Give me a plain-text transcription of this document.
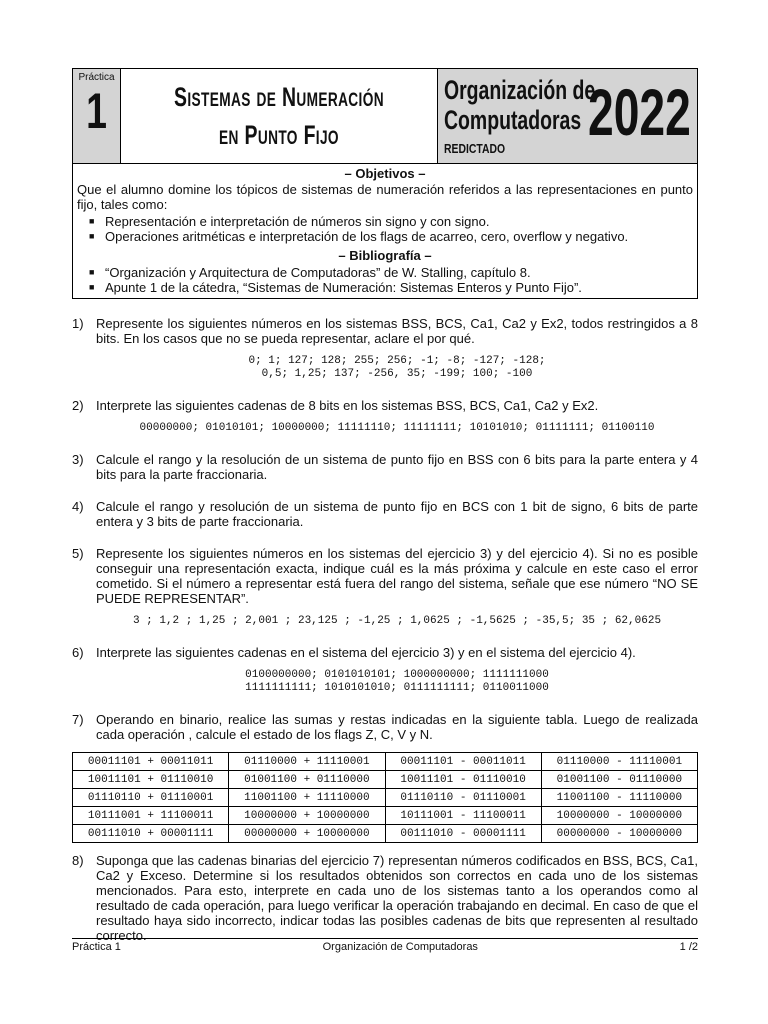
Práctica
1	Sistemas de Numeración
en Punto Fijo
Organización de
Computadoras
REDICTADO 2022
– Objetivos –
Que el alumno domine los tópicos de sistemas de numeración referidos a las representaciones en punto fijo, tales como:
■ Representación e interpretación de números sin signo y con signo.
■ Operaciones aritméticas e interpretación de los flags de acarreo, cero, overflow y negativo.
– Bibliografía –
■ “Organización y Arquitectura de Computadoras” de W. Stalling, capítulo 8.
■ Apunte 1 de la cátedra, “Sistemas de Numeración: Sistemas Enteros y Punto Fijo”.
1) Represente los siguientes números en los sistemas BSS, BCS, Ca1, Ca2 y Ex2, todos restringidos a 8 bits. En los casos que no se pueda representar, aclare el por qué.
0; 1; 127; 128; 255; 256; -1; -8; -127; -128;
0,5; 1,25; 137; -256, 35; -199; 100; -100
2) Interprete las siguientes cadenas de 8 bits en los sistemas BSS, BCS, Ca1, Ca2 y Ex2.
00000000; 01010101; 10000000; 11111110; 11111111; 10101010; 01111111; 01100110
3) Calcule el rango y la resolución de un sistema de punto fijo en BSS con 6 bits para la parte entera y 4 bits para la parte fraccionaria.
4) Calcule el rango y resolución de un sistema de punto fijo en BCS con 1 bit de signo, 6 bits de parte entera y 3 bits de parte fraccionaria.
5) Represente los siguientes números en los sistemas del ejercicio 3) y del ejercicio 4). Si no es posible conseguir una representación exacta, indique cuál es la más próxima y calcule en este caso el error cometido. Si el número a representar está fuera del rango del sistema, señale que ese número “NO SE PUEDE REPRESENTAR”.
3 ; 1,2 ; 1,25 ; 2,001 ; 23,125 ; -1,25 ; 1,0625 ; -1,5625 ; -35,5; 35 ; 62,0625
6) Interprete las siguientes cadenas en el sistema del ejercicio 3) y en el sistema del ejercicio 4).
0100000000; 0101010101; 1000000000; 1111111000
1111111111; 1010101010; 0111111111; 0110011000
7) Operando en binario, realice las sumas y restas indicadas en la siguiente tabla. Luego de realizada cada operación , calcule el estado de los flags Z, C, V y N.
00011101 + 00011011	01110000 + 11110001	00011101 - 00011011	01110000 - 11110001
10011101 + 01110010	01001100 + 01110000	10011101 - 01110010	01001100 - 01110000
01110110 + 01110001	11001100 + 11110000	01110110 - 01110001	11001100 - 11110000
10111001 + 11100011	10000000 + 10000000	10111001 - 11100011	10000000 - 10000000
00111010 + 00001111	00000000 + 10000000	00111010 - 00001111	00000000 - 10000000
8) Suponga que las cadenas binarias del ejercicio 7) representan números codificados en BSS, BCS, Ca1, Ca2 y Exceso. Determine si los resultados obtenidos son correctos en cada uno de los sistemas mencionados. Para esto, interprete en cada uno de los sistemas tanto a los operandos como al resultado de cada operación, para luego verificar la operación trabajando en decimal. En caso de que el resultado haya sido incorrecto, indicar todas las posibles cadenas de bits que representen al resultado correcto.
Práctica 1	Organización de Computadoras	1 /2
